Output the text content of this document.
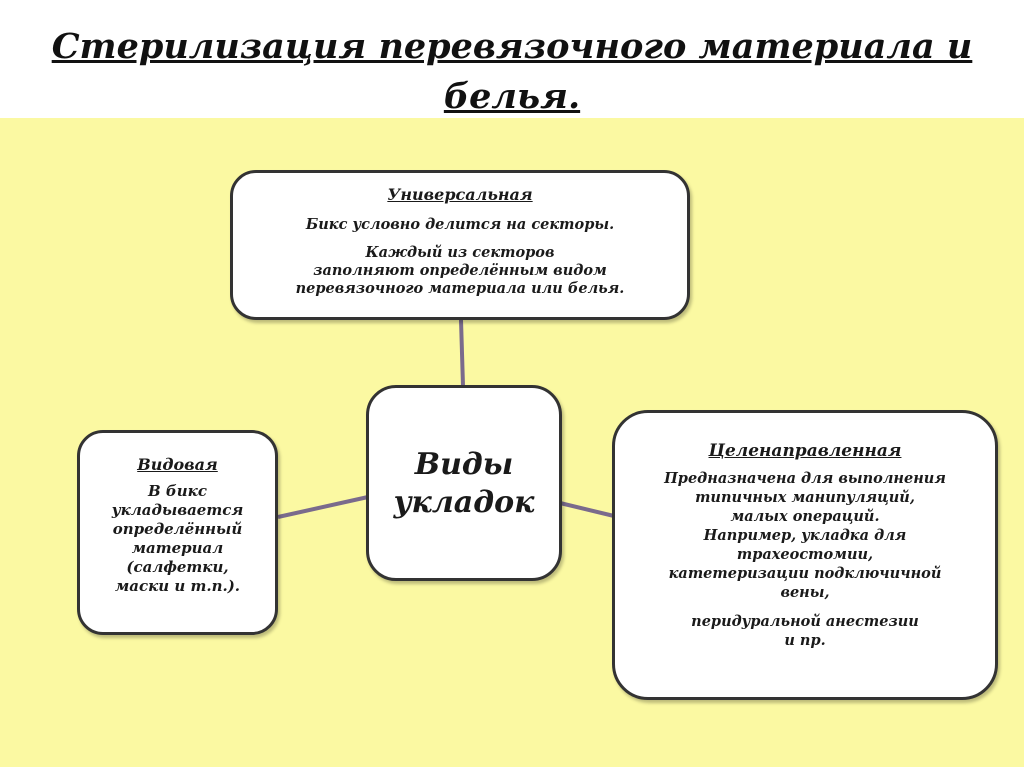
Стерилизация перевязочного материала и
белья.
Универсальная
Бикс условно делится на секторы.
Каждый из секторов
заполняют определённым видом
перевязочного материала или белья.
Виды
укладок
Видовая
В бикс
укладывается
определённый
материал
(салфетки,
маски и т.п.).
Целенаправленная
Предназначена для выполнения
типичных манипуляций,
малых операций.
Например, укладка для
трахеостомии,
катетеризации подключичной
вены,
перидуральной анестезии
и пр.
